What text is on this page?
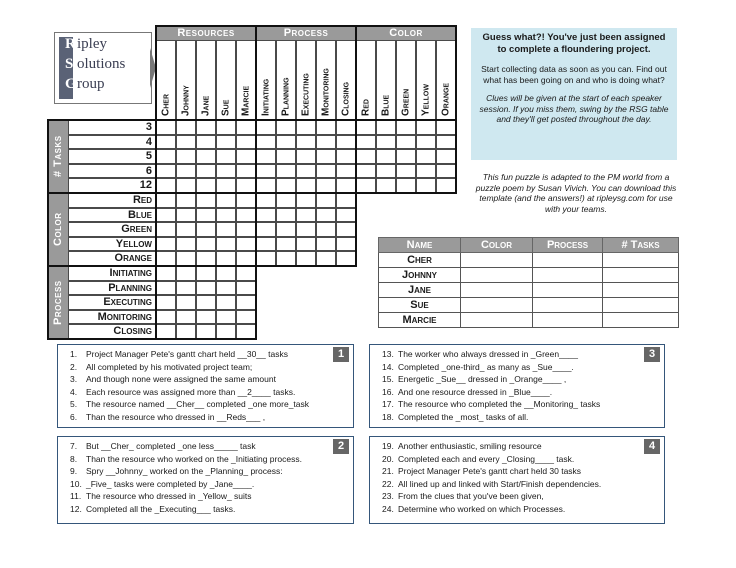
Ripley
S olutions
Group
Resources
Cher Johnny Jane Sue Marcie
Process
Initiating Planning Executing Monitoring Closing
Color
Red Blue Green Yellow Orange
# Tasks
3
4
5
6
12
Color
Red
Blue
Green
Yellow
Orange
Process
Initiating
Planning
Executing
Monitoring
Closing
Guess what?! You've just been assigned to complete a floundering project.
Start collecting data as soon as you can. Find out what has been going on and who is doing what?
Clues will be given at the start of each speaker session. If you miss them, swing by the RSG table and they'll get posted throughout the day.
This fun puzzle is adapted to the PM world from a puzzle poem by Susan Vivich. You can download this template (and the answers!) at ripleysg.com for use with your teams.
Name	Color	Process	# Tasks
Cher			
Johnny			
Jane			
Sue			
Marcie			
1
1. Project Manager Pete's gantt chart held __30__ tasks
2. All completed by his motivated project team;
3. And though none were assigned the same amount
4. Each resource was assigned more than __2____ tasks.
5. The resource named __Cher__ completed _one more_task
6. Than the resource who dressed in __Reds___ ,
2
7. But __Cher_ completed _one less_____ task
8. Than the resource who worked on the _Initiating process.
9. Spry __Johnny_ worked on the _Planning_ process:
10. _Five_ tasks were completed by _Jane____.
11. The resource who dressed in _Yellow_ suits
12. Completed all the _Executing___ tasks.
3
13. The worker who always dressed in _Green____
14. Completed _one-third_ as many as _Sue____.
15. Energetic _Sue__ dressed in _Orange____ ,
16. And one resource dressed in _Blue____.
17. The resource who completed the __Monitoring_ tasks
18. Completed the _most_ tasks of all.
4
19. Another enthusiastic, smiling resource
20. Completed each and every _Closing____ task.
21. Project Manager Pete's gantt chart held 30 tasks
22. All lined up and linked with Start/Finish dependencies.
23. From the clues that you've been given,
24. Determine who worked on which Processes.
